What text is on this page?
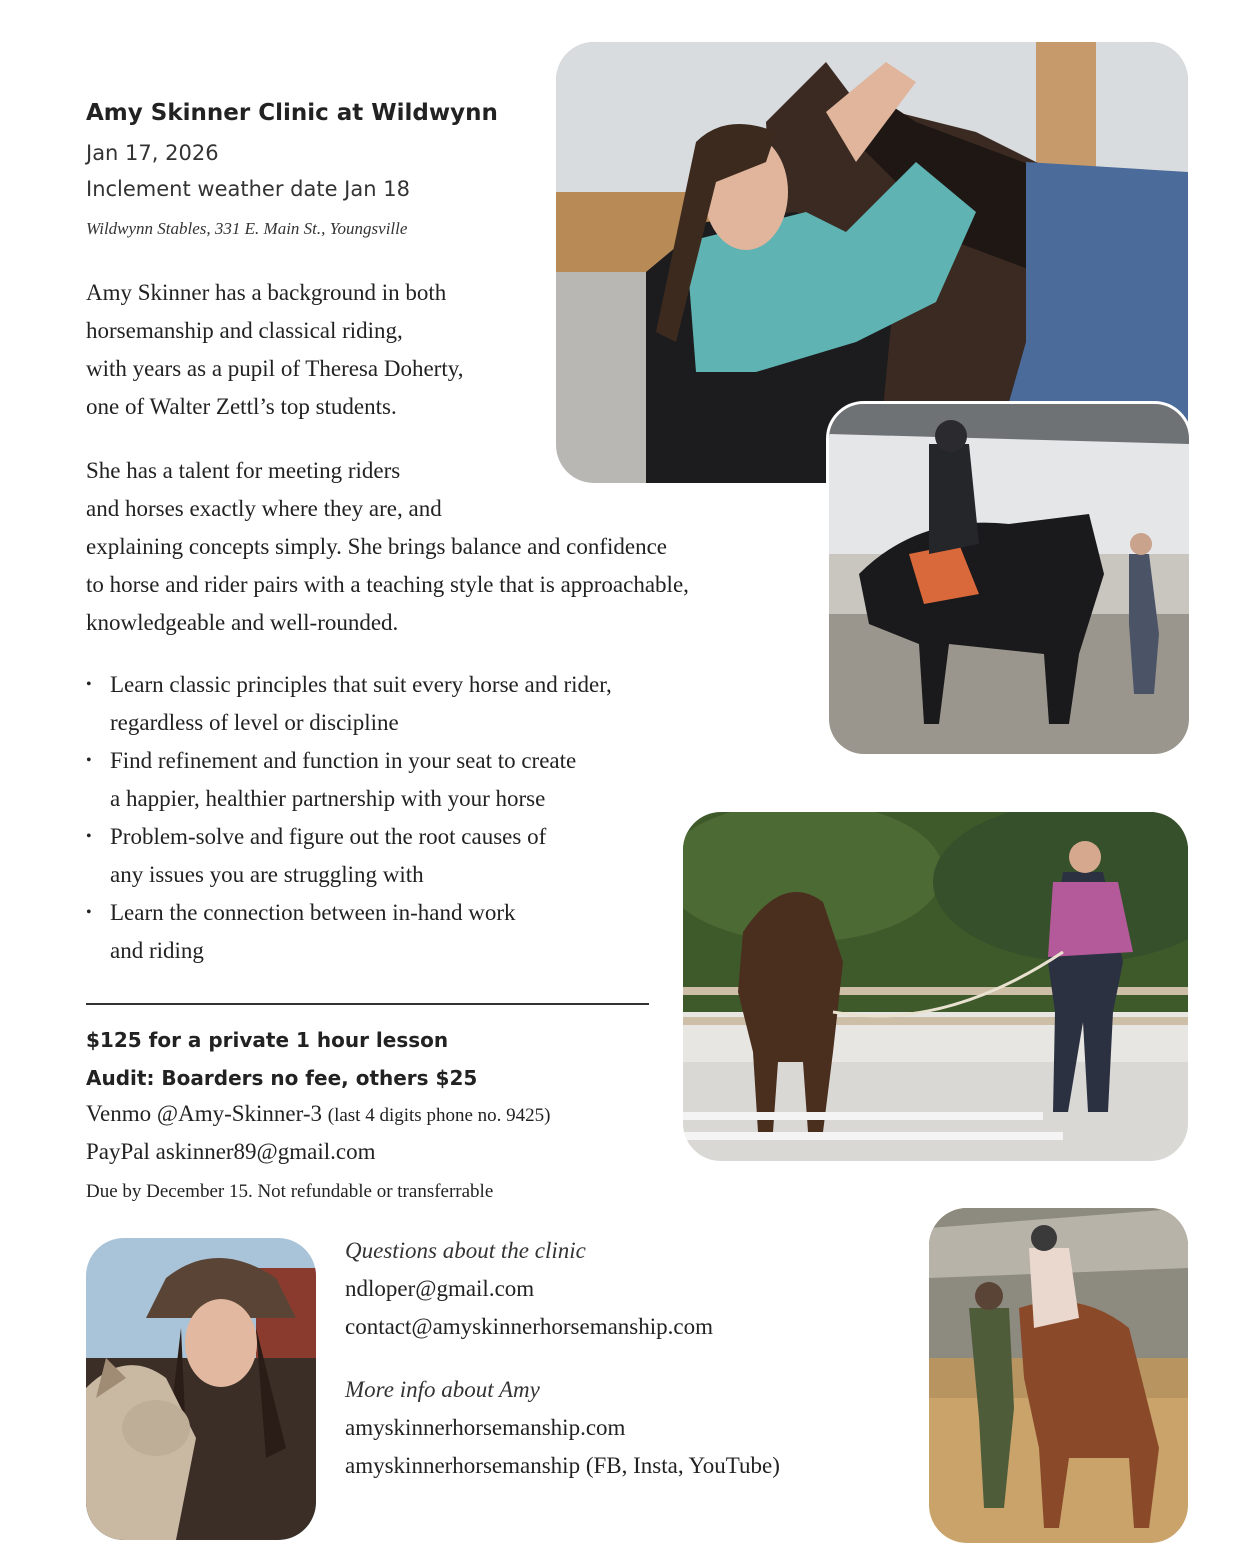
Amy Skinner Clinic at Wildwynn
Jan 17, 2026
Inclement weather date Jan 18
Wildwynn Stables, 331 E. Main St., Youngsville
Amy Skinner has a background in both
horsemanship and classical riding,
with years as a pupil of Theresa Doherty,
one of Walter Zettl’s top students.
She has a talent for meeting riders
and horses exactly where they are, and
explaining concepts simply. She brings balance and confidence
to horse and rider pairs with a teaching style that is approachable,
knowledgeable and well-rounded.
• Learn classic principles that suit every horse and rider,
regardless of level or discipline
• Find refinement and function in your seat to create
a happier, healthier partnership with your horse
• Problem-solve and figure out the root causes of
any issues you are struggling with
• Learn the connection between in-hand work
and riding
$125 for a private 1 hour lesson
Audit: Boarders no fee, others $25
Venmo @Amy-Skinner-3 (last 4 digits phone no. 9425)
PayPal askinner89@gmail.com
Due by December 15. Not refundable or transferrable
Questions about the clinic
ndloper@gmail.com
contact@amyskinnerhorsemanship.com
More info about Amy
amyskinnerhorsemanship.com
amyskinnerhorsemanship (FB, Insta, YouTube)
